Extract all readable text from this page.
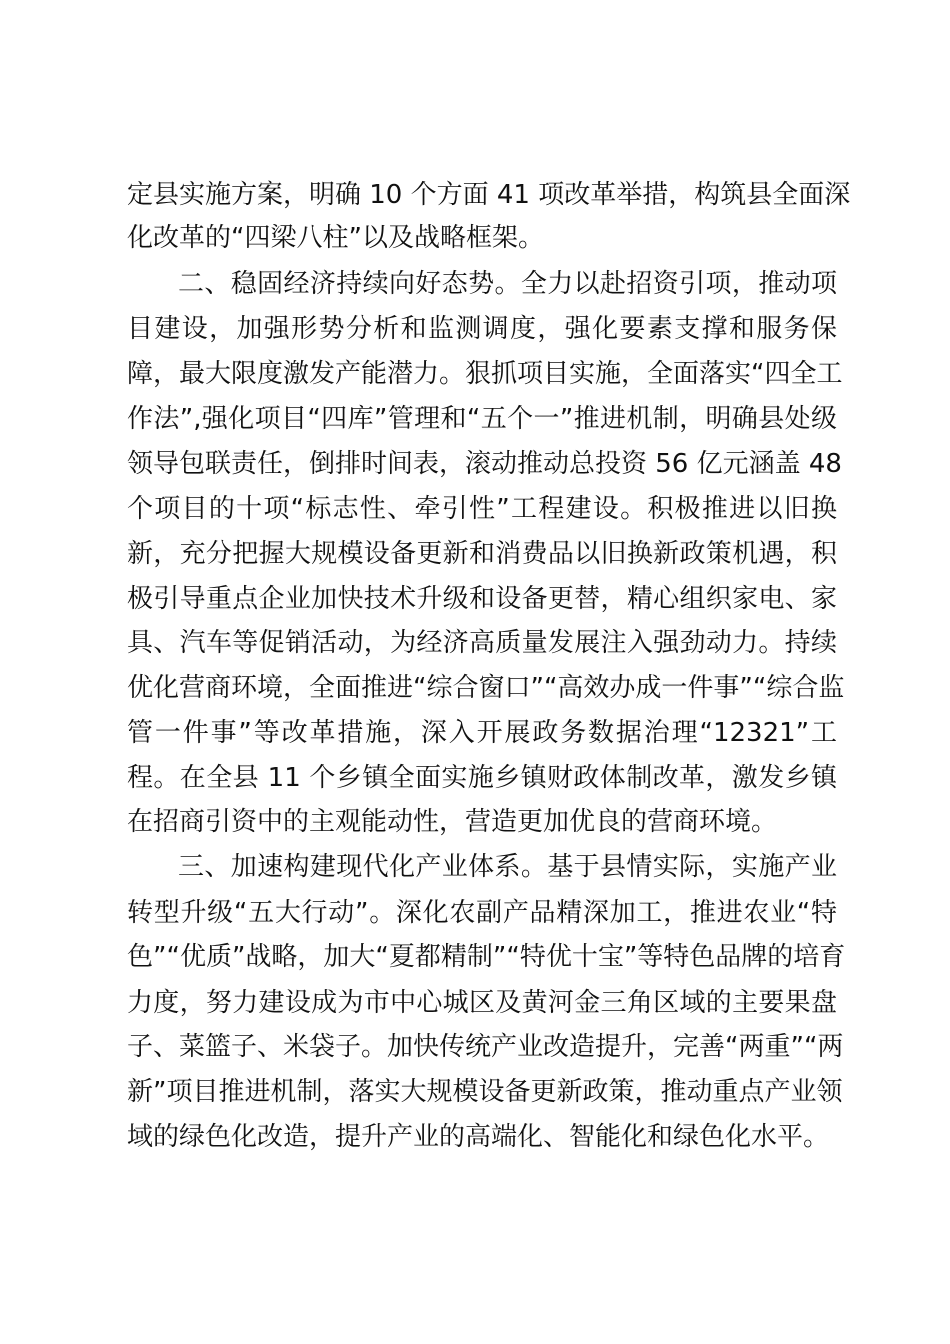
定县实施方案，明确 10 个方面 41 项改革举措，构筑县全面深
化改革的“四梁八柱”以及战略框架。
二、稳固经济持续向好态势。全力以赴招资引项，推动项
目建设，加强形势分析和监测调度，强化要素支撑和服务保
障，最大限度激发产能潜力。狠抓项目实施，全面落实“四全工
作法”,强化项目“四库”管理和“五个一”推进机制，明确县处级
领导包联责任，倒排时间表，滚动推动总投资 56 亿元涵盖 48
个项目的十项“标志性、牵引性”工程建设。积极推进以旧换
新，充分把握大规模设备更新和消费品以旧换新政策机遇，积
极引导重点企业加快技术升级和设备更替，精心组织家电、家
具、汽车等促销活动，为经济高质量发展注入强劲动力。持续
优化营商环境，全面推进“综合窗口”“高效办成一件事”“综合监
管一件事”等改革措施，深入开展政务数据治理“12321”工
程。在全县 11 个乡镇全面实施乡镇财政体制改革，激发乡镇
在招商引资中的主观能动性，营造更加优良的营商环境。
三、加速构建现代化产业体系。基于县情实际，实施产业
转型升级“五大行动”。深化农副产品精深加工，推进农业“特
色”“优质”战略，加大“夏都精制”“特优十宝”等特色品牌的培育
力度，努力建设成为市中心城区及黄河金三角区域的主要果盘
子、菜篮子、米袋子。加快传统产业改造提升，完善“两重”“两
新”项目推进机制，落实大规模设备更新政策，推动重点产业领
域的绿色化改造，提升产业的高端化、智能化和绿色化水平。
